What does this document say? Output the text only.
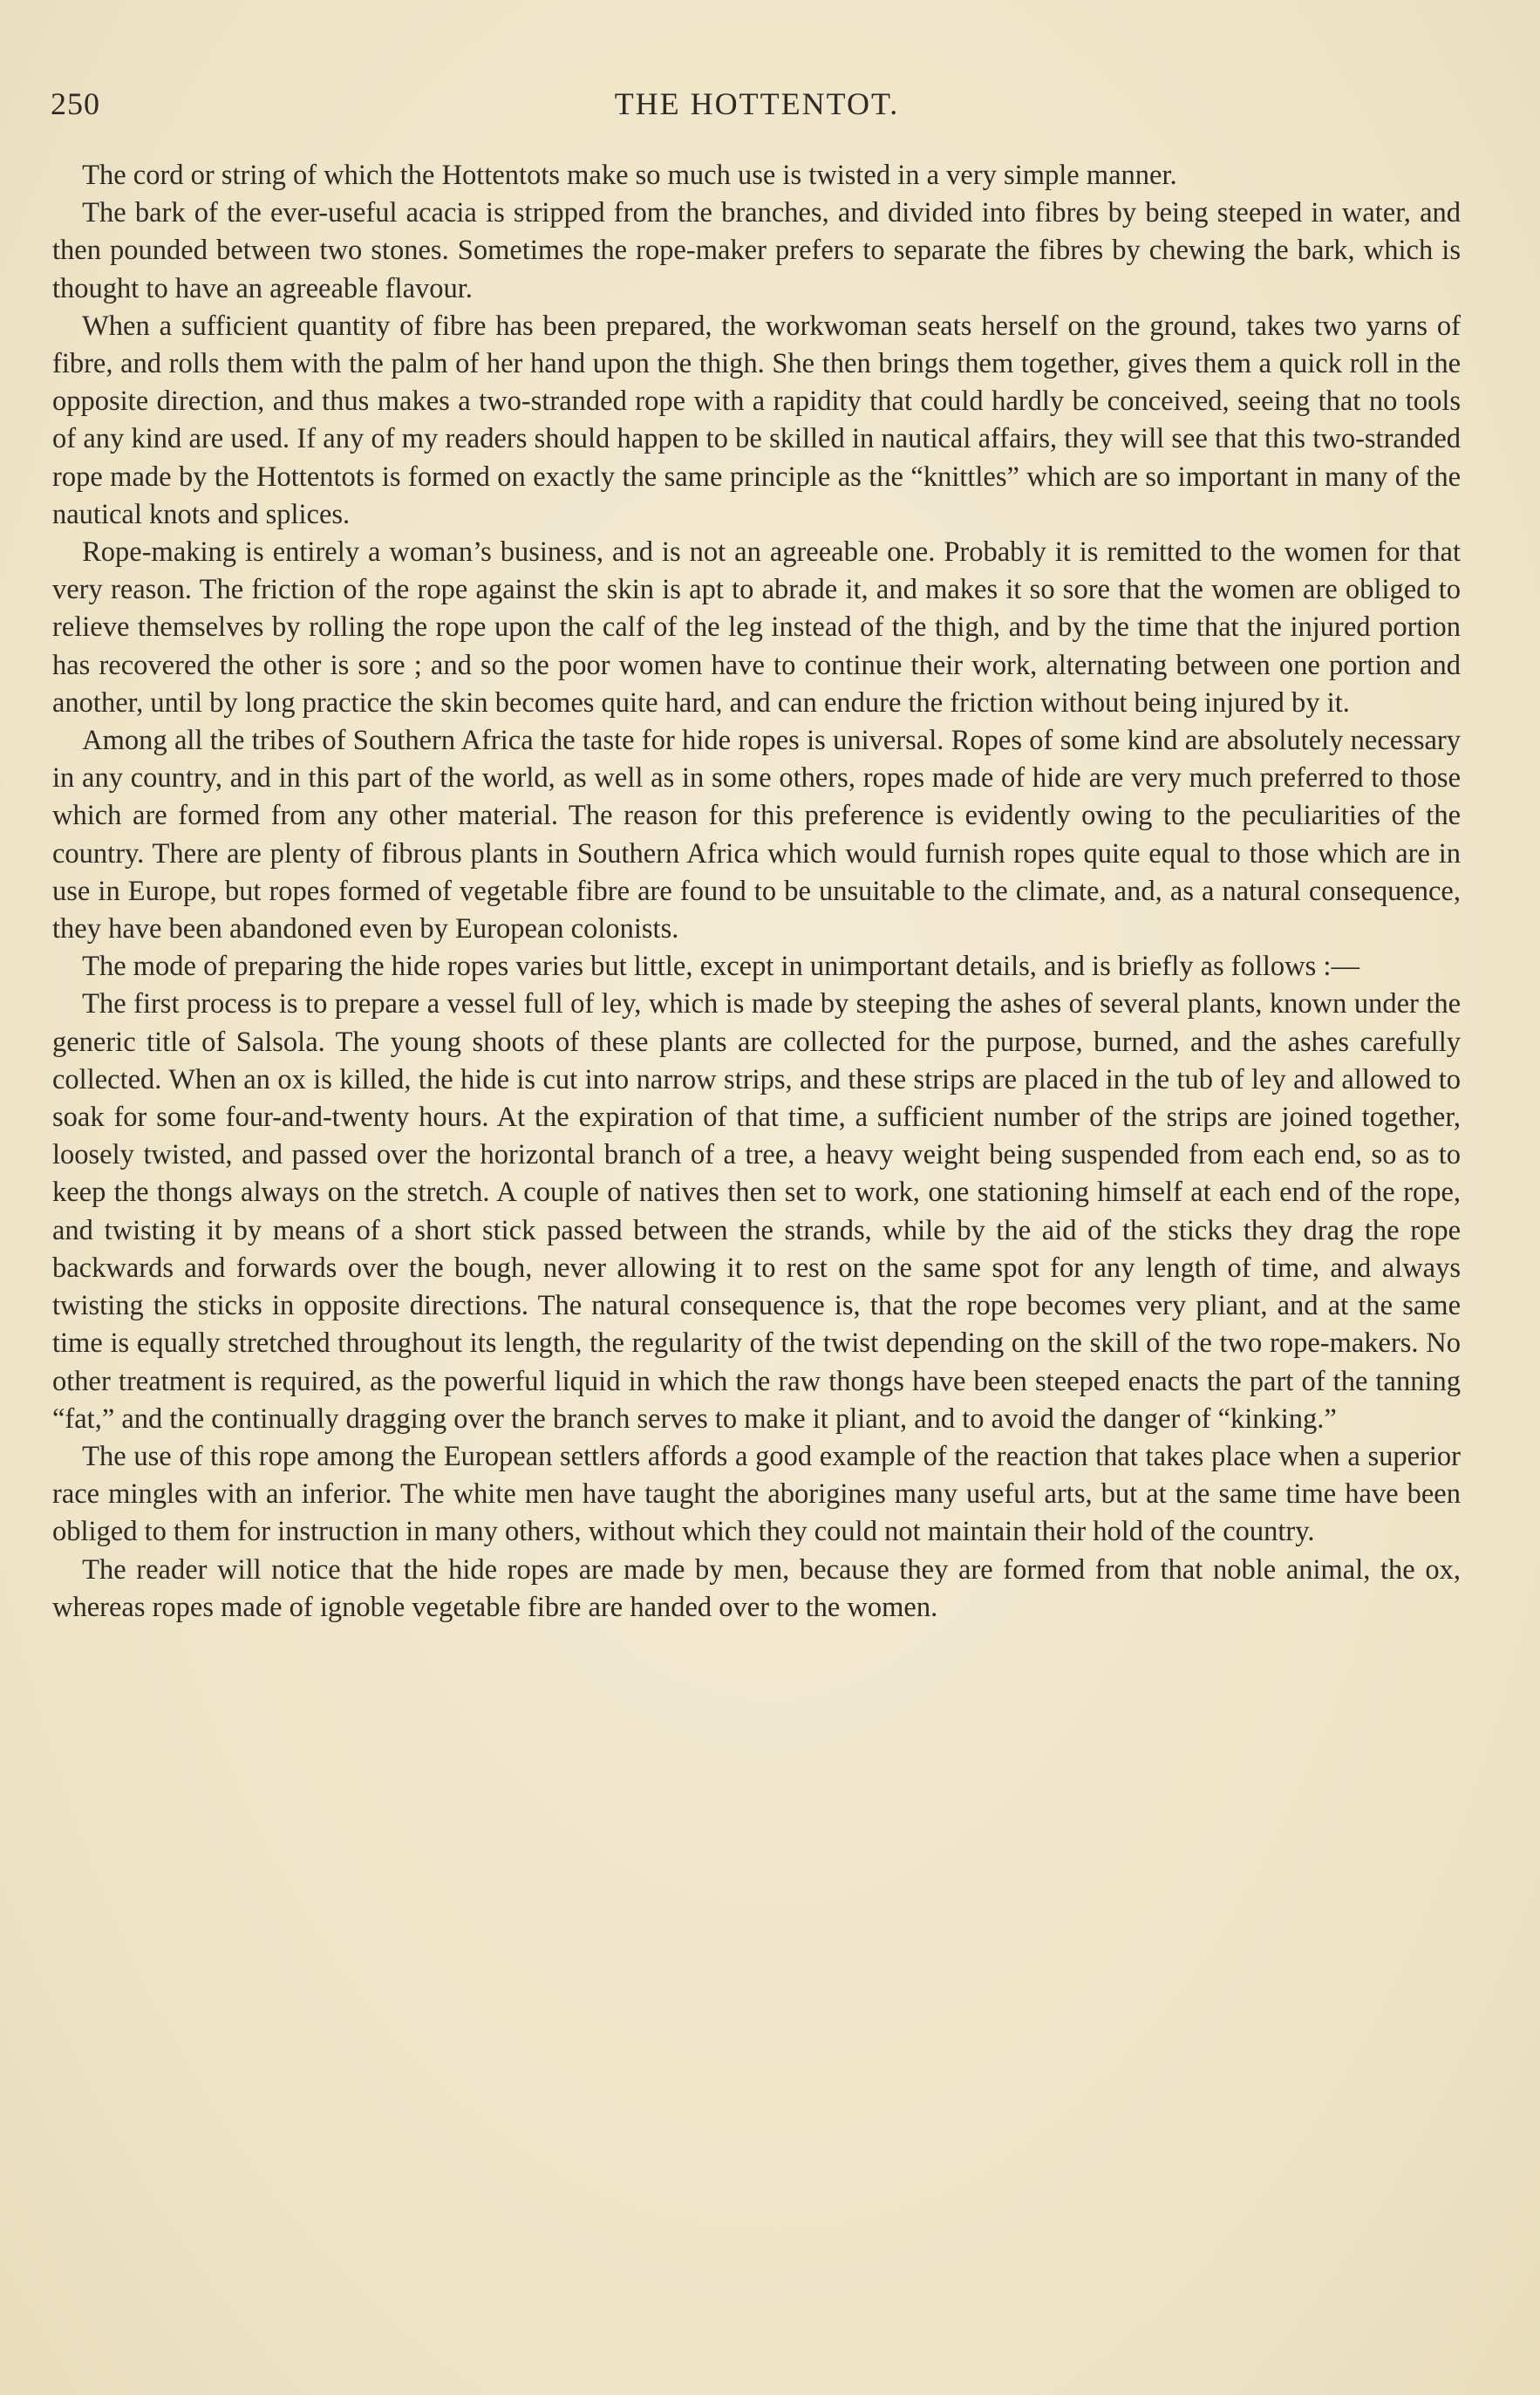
250	THE HOTTENTOT.

The cord or string of which the Hottentots make so much use is twisted in a very simple manner.

The bark of the ever-useful acacia is stripped from the branches, and divided into fibres by being steeped in water, and then pounded between two stones. Sometimes the rope-maker prefers to separate the fibres by chewing the bark, which is thought to have an agreeable flavour.

When a sufficient quantity of fibre has been prepared, the workwoman seats herself on the ground, takes two yarns of fibre, and rolls them with the palm of her hand upon the thigh. She then brings them together, gives them a quick roll in the opposite direction, and thus makes a two-stranded rope with a rapidity that could hardly be conceived, seeing that no tools of any kind are used. If any of my readers should happen to be skilled in nautical affairs, they will see that this two-stranded rope made by the Hottentots is formed on exactly the same principle as the “knittles” which are so important in many of the nautical knots and splices.

Rope-making is entirely a woman’s business, and is not an agreeable one. Probably it is remitted to the women for that very reason. The friction of the rope against the skin is apt to abrade it, and makes it so sore that the women are obliged to relieve themselves by rolling the rope upon the calf of the leg instead of the thigh, and by the time that the injured portion has recovered the other is sore ; and so the poor women have to continue their work, alternating between one portion and another, until by long practice the skin becomes quite hard, and can endure the friction without being injured by it.

Among all the tribes of Southern Africa the taste for hide ropes is universal. Ropes of some kind are absolutely necessary in any country, and in this part of the world, as well as in some others, ropes made of hide are very much preferred to those which are formed from any other material. The reason for this preference is evidently owing to the peculiarities of the country. There are plenty of fibrous plants in Southern Africa which would furnish ropes quite equal to those which are in use in Europe, but ropes formed of vegetable fibre are found to be unsuitable to the climate, and, as a natural consequence, they have been abandoned even by European colonists.

The mode of preparing the hide ropes varies but little, except in unimportant details, and is briefly as follows :—

The first process is to prepare a vessel full of ley, which is made by steeping the ashes of several plants, known under the generic title of Salsola. The young shoots of these plants are collected for the purpose, burned, and the ashes carefully collected. When an ox is killed, the hide is cut into narrow strips, and these strips are placed in the tub of ley and allowed to soak for some four-and-twenty hours. At the expiration of that time, a sufficient number of the strips are joined together, loosely twisted, and passed over the horizontal branch of a tree, a heavy weight being suspended from each end, so as to keep the thongs always on the stretch. A couple of natives then set to work, one stationing himself at each end of the rope, and twisting it by means of a short stick passed between the strands, while by the aid of the sticks they drag the rope backwards and forwards over the bough, never allowing it to rest on the same spot for any length of time, and always twisting the sticks in opposite directions. The natural consequence is, that the rope becomes very pliant, and at the same time is equally stretched throughout its length, the regularity of the twist depending on the skill of the two rope-makers. No other treatment is required, as the powerful liquid in which the raw thongs have been steeped enacts the part of the tanning “fat,” and the continually dragging over the branch serves to make it pliant, and to avoid the danger of “kinking.”

The use of this rope among the European settlers affords a good example of the reaction that takes place when a superior race mingles with an inferior. The white men have taught the aborigines many useful arts, but at the same time have been obliged to them for instruction in many others, without which they could not maintain their hold of the country.

The reader will notice that the hide ropes are made by men, because they are formed from that noble animal, the ox, whereas ropes made of ignoble vegetable fibre are handed over to the women.
